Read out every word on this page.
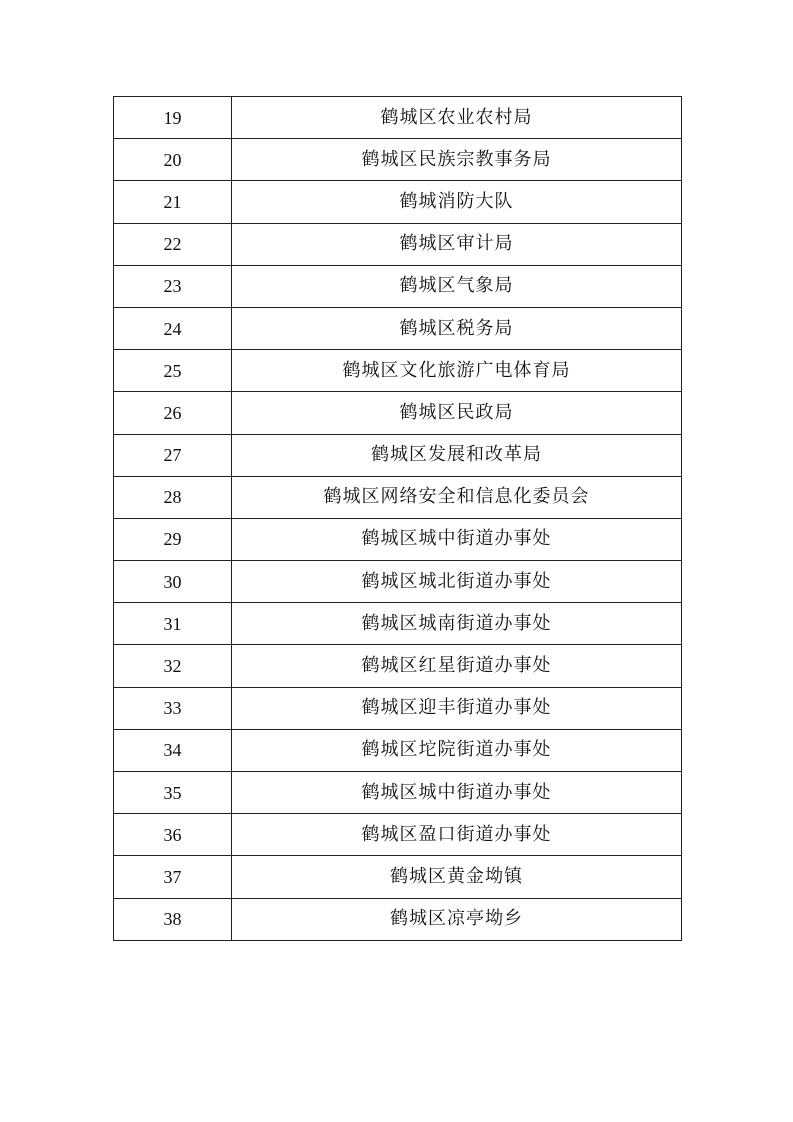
19	鹤城区农业农村局
20	鹤城区民族宗教事务局
21	鹤城消防大队
22	鹤城区审计局
23	鹤城区气象局
24	鹤城区税务局
25	鹤城区文化旅游广电体育局
26	鹤城区民政局
27	鹤城区发展和改革局
28	鹤城区网络安全和信息化委员会
29	鹤城区城中街道办事处
30	鹤城区城北街道办事处
31	鹤城区城南街道办事处
32	鹤城区红星街道办事处
33	鹤城区迎丰街道办事处
34	鹤城区坨院街道办事处
35	鹤城区城中街道办事处
36	鹤城区盈口街道办事处
37	鹤城区黄金坳镇
38	鹤城区凉亭坳乡
